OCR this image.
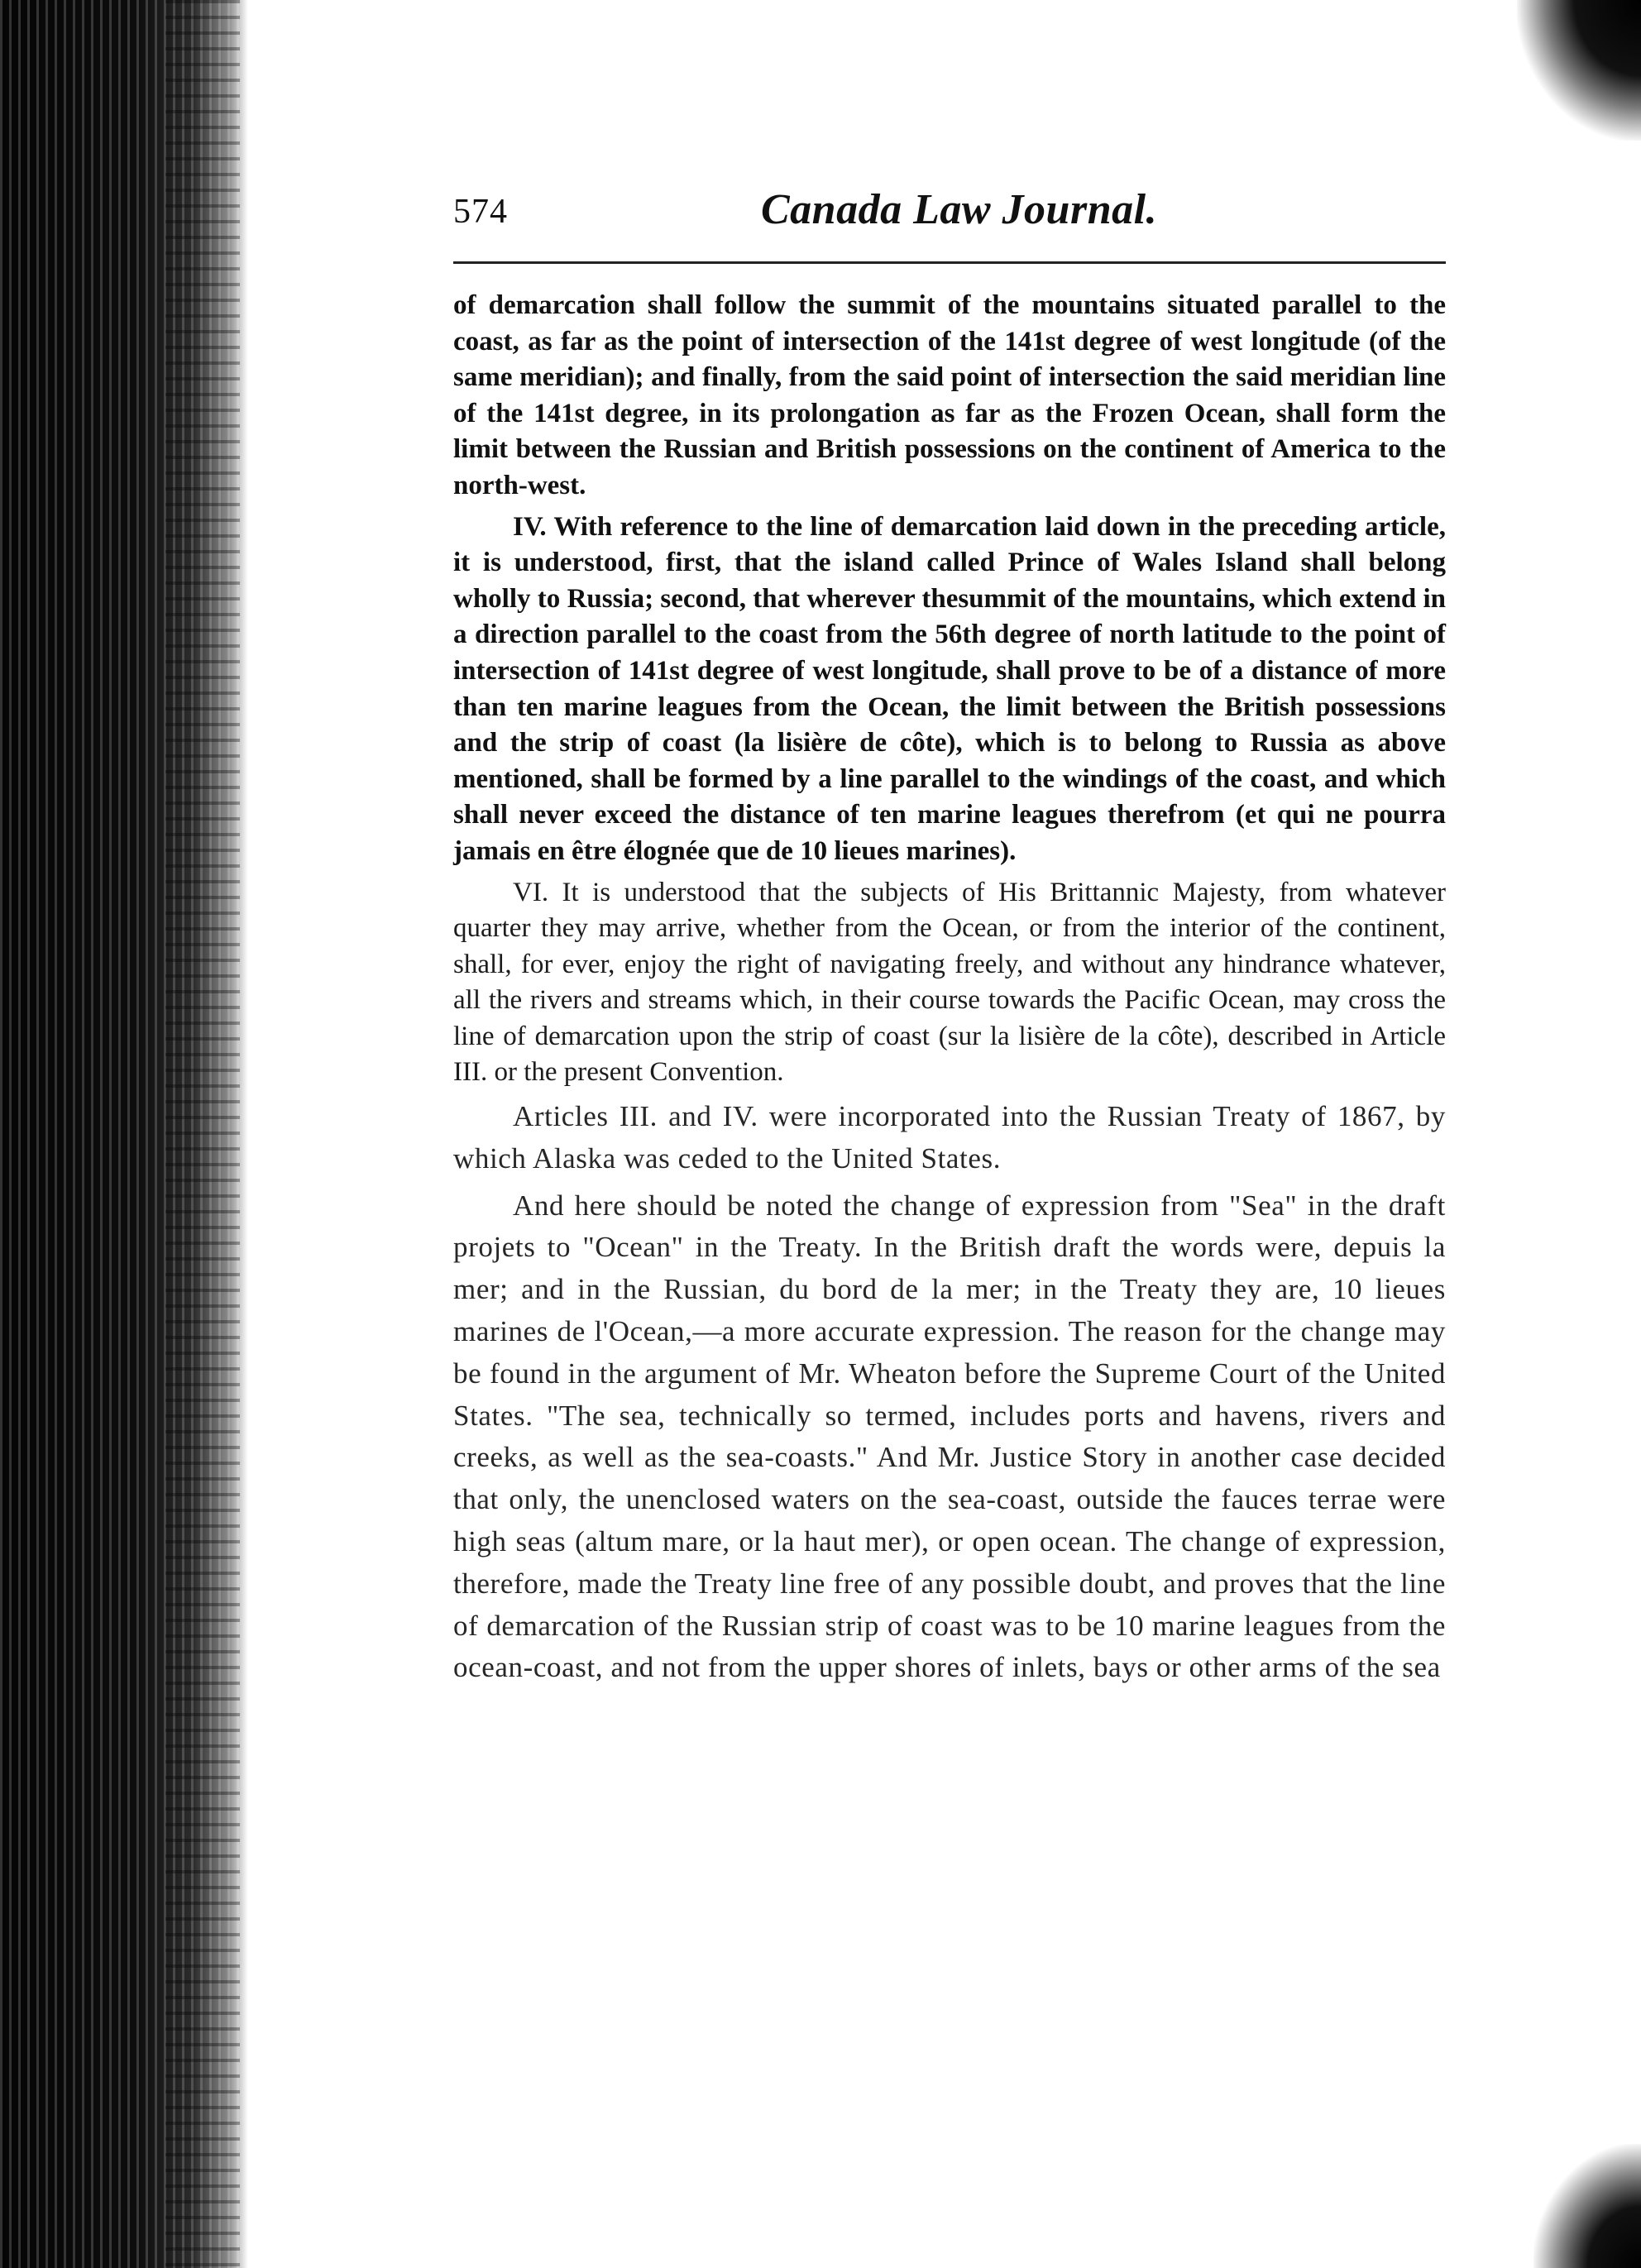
574	Canada Law Journal.

of demarcation shall follow the summit of the mountains situated parallel to the coast, as far as the point of intersection of the 141st degree of west longitude (of the same meridian); and finally, from the said point of intersection the said meridian line of the 141st degree, in its prolongation as far as the Frozen Ocean, shall form the limit between the Russian and British possessions on the continent of America to the north-west.

IV. With reference to the line of demarcation laid down in the preceding article, it is understood, first, that the island called Prince of Wales Island shall belong wholly to Russia; second, that wherever thesummit of the mountains, which extend in a direction parallel to the coast from the 56th degree of north latitude to the point of intersection of 141st degree of west longitude, shall prove to be of a distance of more than ten marine leagues from the Ocean, the limit between the British possessions and the strip of coast (la lisière de côte), which is to belong to Russia as above mentioned, shall be formed by a line parallel to the windings of the coast, and which shall never exceed the distance of ten marine leagues therefrom (et qui ne pourra jamais en être élognée que de 10 lieues marines).

VI. It is understood that the subjects of His Brittannic Majesty, from whatever quarter they may arrive, whether from the Ocean, or from the interior of the continent, shall, for ever, enjoy the right of navigating freely, and without any hindrance whatever, all the rivers and streams which, in their course towards the Pacific Ocean, may cross the line of demarcation upon the strip of coast (sur la lisière de la côte), described in Article III. or the present Convention.

Articles III. and IV. were incorporated into the Russian Treaty of 1867, by which Alaska was ceded to the United States.

And here should be noted the change of expression from "Sea" in the draft projets to "Ocean" in the Treaty. In the British draft the words were, depuis la mer; and in the Russian, du bord de la mer; in the Treaty they are, 10 lieues marines de l'Ocean,—a more accurate expression. The reason for the change may be found in the argument of Mr. Wheaton before the Supreme Court of the United States. "The sea, technically so termed, includes ports and havens, rivers and creeks, as well as the sea-coasts." And Mr. Justice Story in another case decided that only, the unenclosed waters on the sea-coast, outside the fauces terrae were high seas (altum mare, or la haut mer), or open ocean. The change of expression, therefore, made the Treaty line free of any possible doubt, and proves that the line of demarcation of the Russian strip of coast was to be 10 marine leagues from the ocean-coast, and not from the upper shores of inlets, bays or other arms of the sea
